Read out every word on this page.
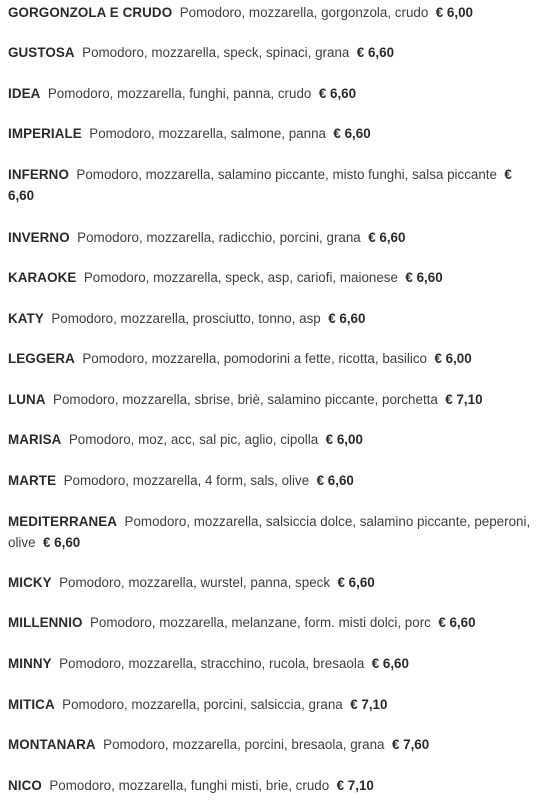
GORGONZOLA E CRUDO Pomodoro, mozzarella, gorgonzola, crudo € 6,00
GUSTOSA Pomodoro, mozzarella, speck, spinaci, grana € 6,60
IDEA Pomodoro, mozzarella, funghi, panna, crudo € 6,60
IMPERIALE Pomodoro, mozzarella, salmone, panna € 6,60
INFERNO Pomodoro, mozzarella, salamino piccante, misto funghi, salsa piccante € 6,60
INVERNO Pomodoro, mozzarella, radicchio, porcini, grana € 6,60
KARAOKE Pomodoro, mozzarella, speck, asp, cariofi, maionese € 6,60
KATY Pomodoro, mozzarella, prosciutto, tonno, asp € 6,60
LEGGERA Pomodoro, mozzarella, pomodorini a fette, ricotta, basilico € 6,00
LUNA Pomodoro, mozzarella, sbrise, briè, salamino piccante, porchetta € 7,10
MARISA Pomodoro, moz, acc, sal pic, aglio, cipolla € 6,00
MARTE Pomodoro, mozzarella, 4 form, sals, olive € 6,60
MEDITERRANEA Pomodoro, mozzarella, salsiccia dolce, salamino piccante, peperoni, olive € 6,60
MICKY Pomodoro, mozzarella, wurstel, panna, speck € 6,60
MILLENNIO Pomodoro, mozzarella, melanzane, form. misti dolci, porc € 6,60
MINNY Pomodoro, mozzarella, stracchino, rucola, bresaola € 6,60
MITICA Pomodoro, mozzarella, porcini, salsiccia, grana € 7,10
MONTANARA Pomodoro, mozzarella, porcini, bresaola, grana € 7,60
NICO Pomodoro, mozzarella, funghi misti, brie, crudo € 7,10
